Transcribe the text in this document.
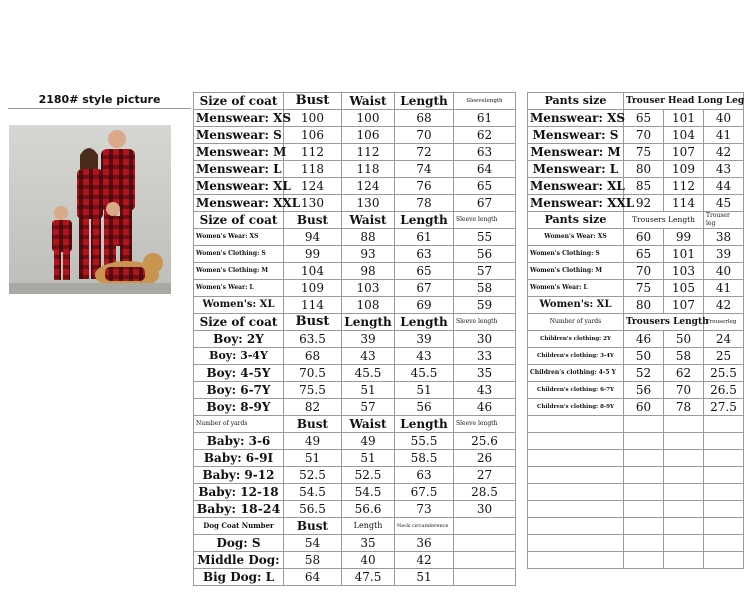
2180# style picture	Size of coat	Bust	Waist	Length	Sleevelength
Menswear: XS	100	100	68	61
Menswear: S	106	106	70	62
Menswear: M	112	112	72	63
Menswear: L	118	118	74	64
Menswear: XL	124	124	76	65
Menswear: XXL	130	130	78	67
Size of coat	Bust	Waist	Length	Sleeve length
Women's Wear: XS	94	88	61	55
Women's Clothing: S	99	93	63	56
Women's Clothing: M	104	98	65	57
Women's Wear: L	109	103	67	58
Women's: XL	114	108	69	59
Size of coat	Bust	Length	Length	Sleeve length
Boy: 2Y	63.5	39	39	30
Boy: 3-4Y	68	43	43	33
Boy: 4-5Y	70.5	45.5	45.5	35
Boy: 6-7Y	75.5	51	51	43
Boy: 8-9Y	82	57	56	46
Number of yards	Bust	Waist	Length	Sleeve length
Baby: 3-6	49	49	55.5	25.6
Baby: 6-9I	51	51	58.5	26
Baby: 9-12	52.5	52.5	63	27
Baby: 12-18	54.5	54.5	67.5	28.5
Baby: 18-24	56.5	56.6	73	30
Dog Coat Number	Bust	Length	Neck circumference	
Dog: S	54	35	36	
Middle Dog:	58	40	42	
Big Dog: L	64	47.5	51	
Pants size	Trouser Head Long Leg		
Menswear: XS	65	101	40
Menswear: S	70	104	41
Menswear: M	75	107	42
Menswear: L	80	109	43
Menswear: XL	85	112	44
Menswear: XXL	92	114	45
Pants size	Trousers Length		Trouser leg
Women's Wear: XS	60	99	38
Women's Clothing: S	65	101	39
Women's Clothing: M	70	103	40
Women's Wear: L	75	105	41
Women's: XL	80	107	42
Number of yards	Trousers Length		Trouserleg
Children's clothing: 2Y	46	50	24
Children's clothing: 3-4Y	50	58	25
Children's clothing: 4-5 Y	52	62	25.5
Children's clothing: 6-7Y	56	70	26.5
Children's clothing: 8-9Y	60	78	27.5
